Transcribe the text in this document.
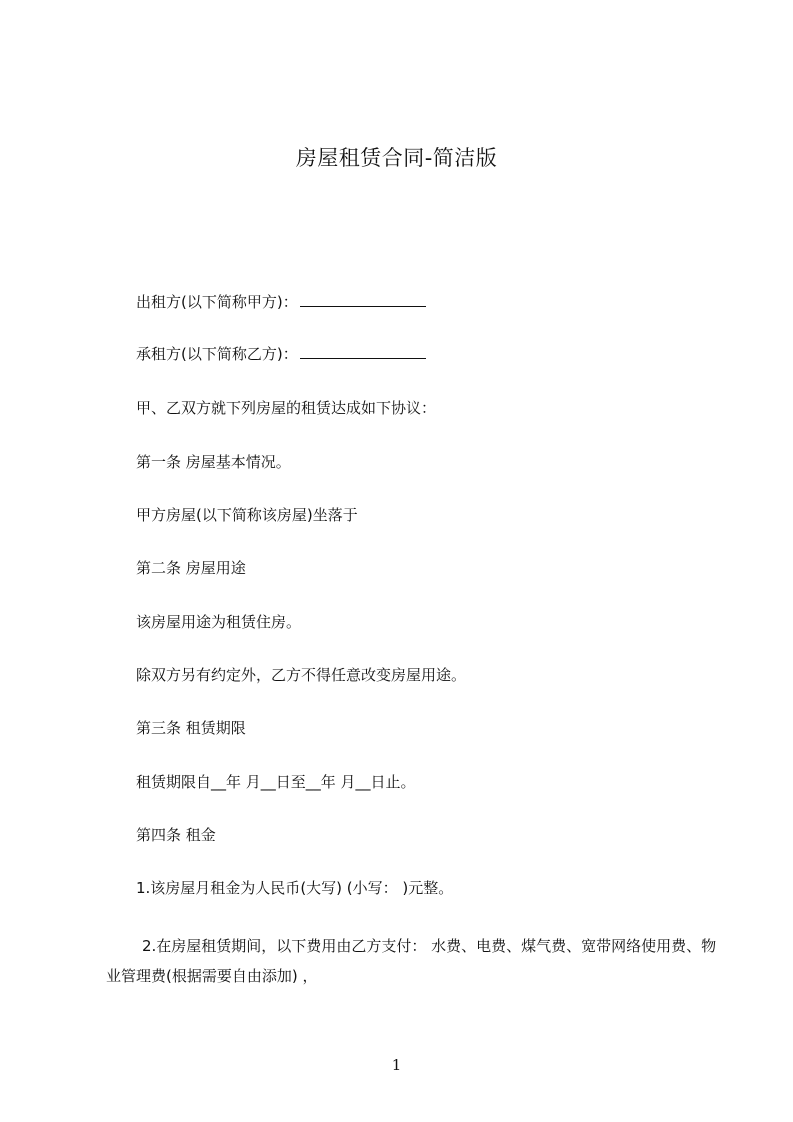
房屋租赁合同-简洁版
出租方(以下简称甲方)：
承租方(以下简称乙方)：
甲、乙双方就下列房屋的租赁达成如下协议：
第一条 房屋基本情况。
甲方房屋(以下简称该房屋)坐落于
第二条 房屋用途
该房屋用途为租赁住房。
除双方另有约定外，乙方不得任意改变房屋用途。
第三条 租赁期限
租赁期限自__年 月__日至__年 月__日止。
第四条 租金
1.该房屋月租金为人民币(大写) (小写： )元整。
2.在房屋租赁期间，以下费用由乙方支付： 水费、电费、煤气费、宽带网络使用费、物业管理费(根据需要自由添加) ，
1
